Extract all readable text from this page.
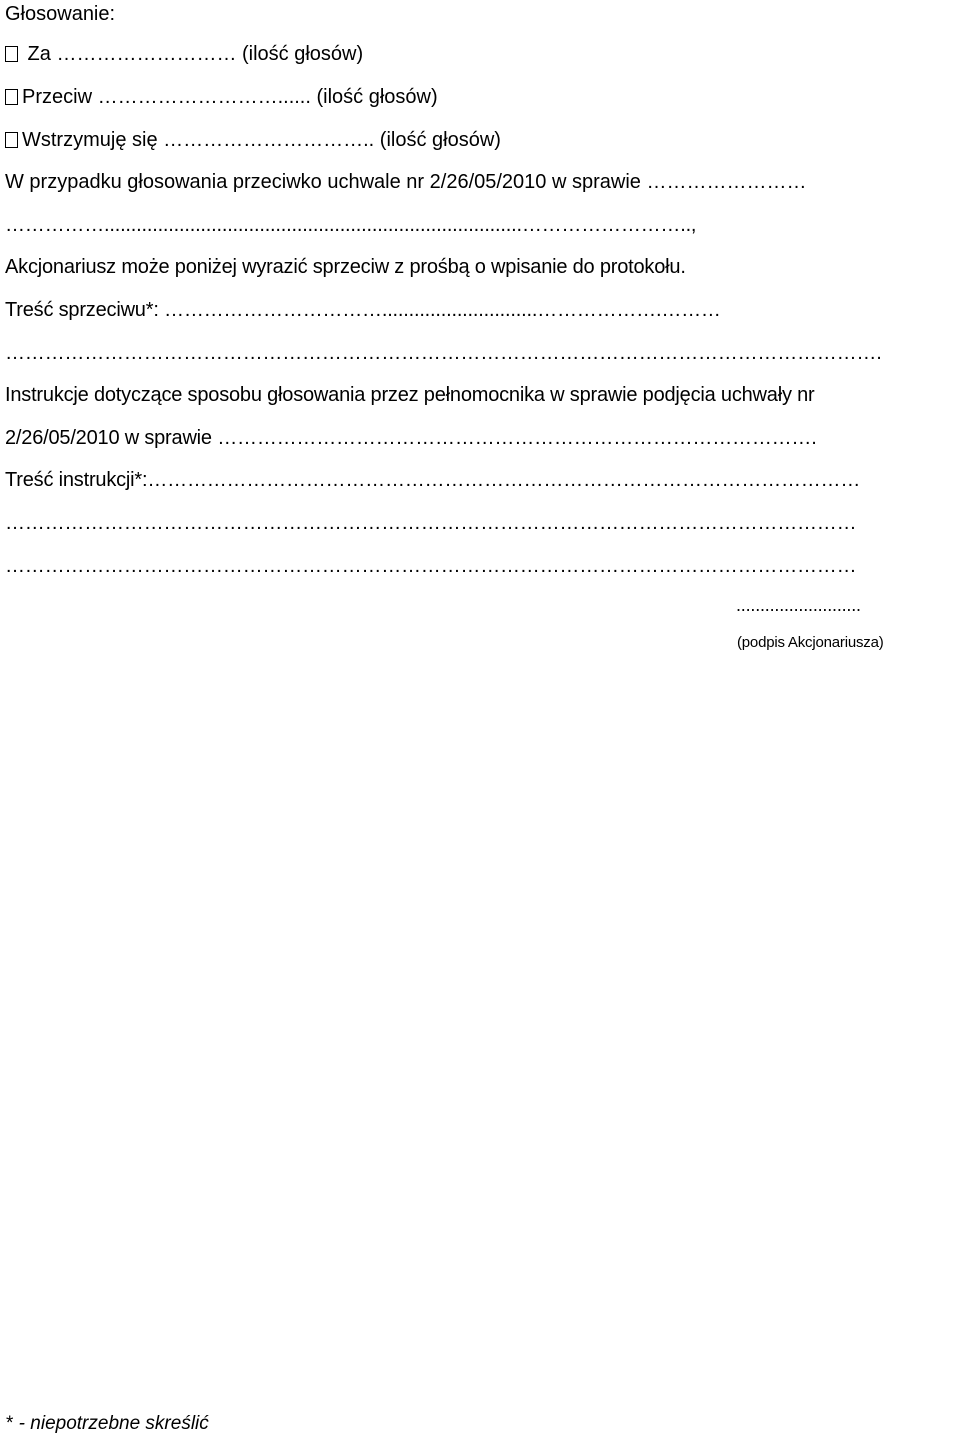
Głosowanie:
Za ……………………… (ilość głosów)
Przeciw ………………………...... (ilość głosów)
Wstrzymuję się ………………………….. (ilość głosów)
W przypadku głosowania przeciwko uchwale nr 2/26/05/2010 w sprawie ……………………
……………..............................................................................……………………..,
Akcjonariusz może poniżej wyrazić sprzeciw z prośbą o wpisanie do protokołu.
Treść sprzeciwu*: …………………………….............................……………….………
…………………………………………………………………………………………………………………….
Instrukcje dotyczące sposobu głosowania przez pełnomocnika w sprawie podjęcia uchwały nr
2/26/05/2010 w sprawie ……………………………………………………………………………….
Treść instrukcji*:………………………………………………………………………………………………
…………………………………………………………………………………………………………………
…………………………………………………………………………………………………………………
..........................
(podpis Akcjonariusza)
* - niepotrzebne skreślić
